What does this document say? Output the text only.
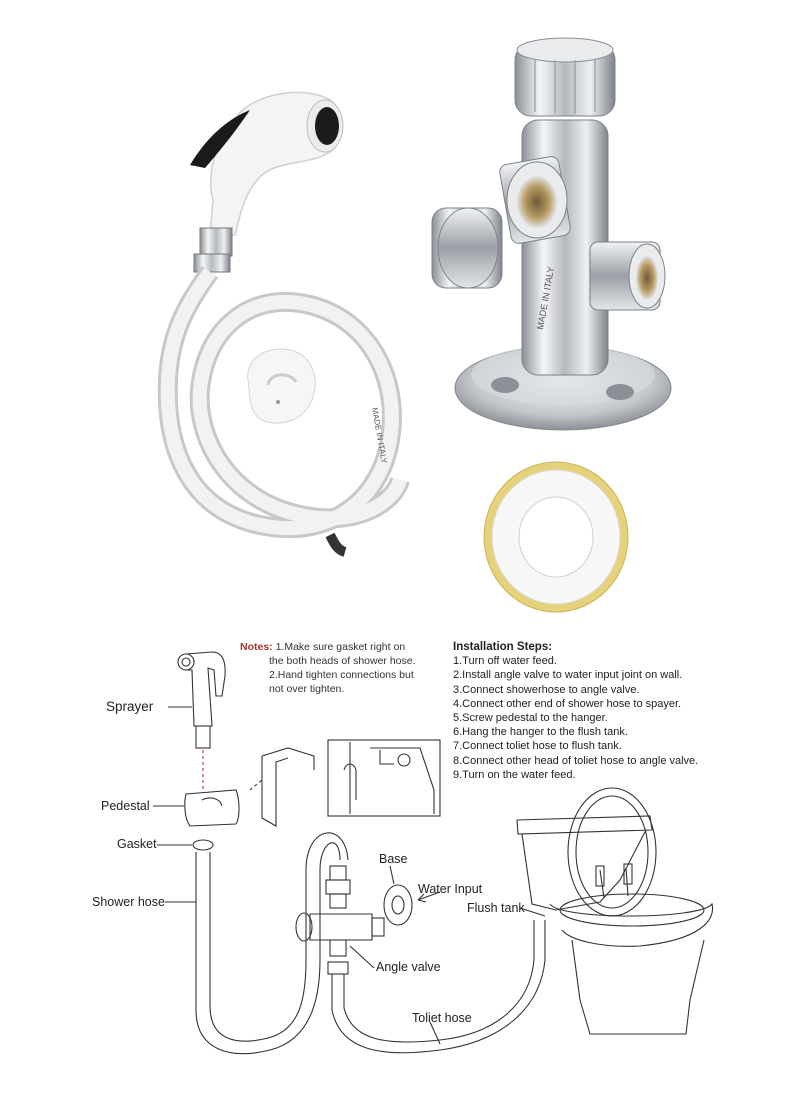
MADE IN ITALY
MADE IN ITALY
Notes: 1.Make sure gasket right on
the both heads of shower hose.
2.Hand tighten connections but
not over tighten.
Installation Steps:
1.Turn off water feed.
2.Install angle valve to water input joint on wall.
3.Connect showerhose to angle valve.
4.Connect other end of shower hose to spayer.
5.Screw pedestal to the hanger.
6.Hang the hanger to the flush tank.
7.Connect toliet hose to flush tank.
8.Connect other head of toliet hose to angle valve.
9.Turn on the water feed.
Sprayer
Pedestal
Gasket
Shower hose
Base
Water Input
Flush tank
Angle valve
Toliet hose
